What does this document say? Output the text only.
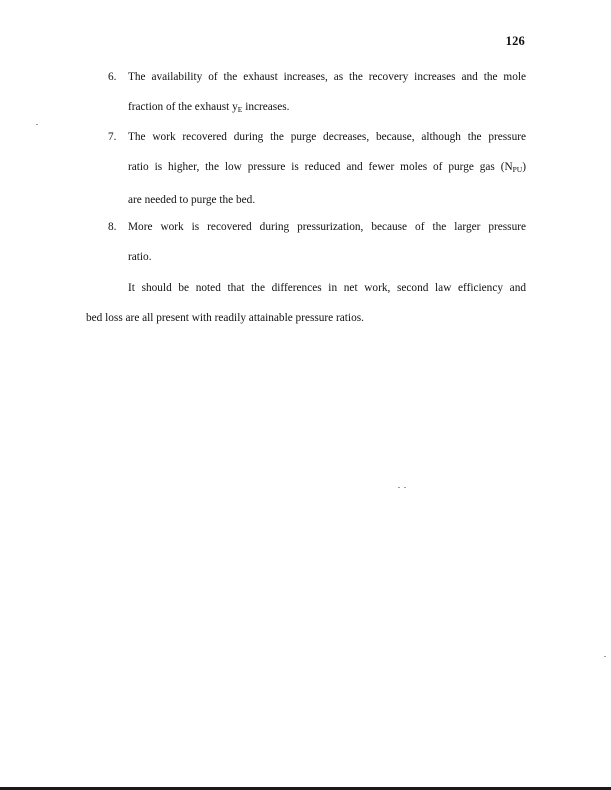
126
6. The availability of the exhaust increases, as the recovery increases and the mole
fraction of the exhaust $y_E$ increases.
7. The work recovered during the purge decreases, because, although the pressure
ratio is higher, the low pressure is reduced and fewer moles of purge gas $(N_{PU})$
are needed to purge the bed.
8. More work is recovered during pressurization, because of the larger pressure
ratio.
It should be noted that the differences in net work, second law efficiency and
bed loss are all present with readily attainable pressure ratios.
